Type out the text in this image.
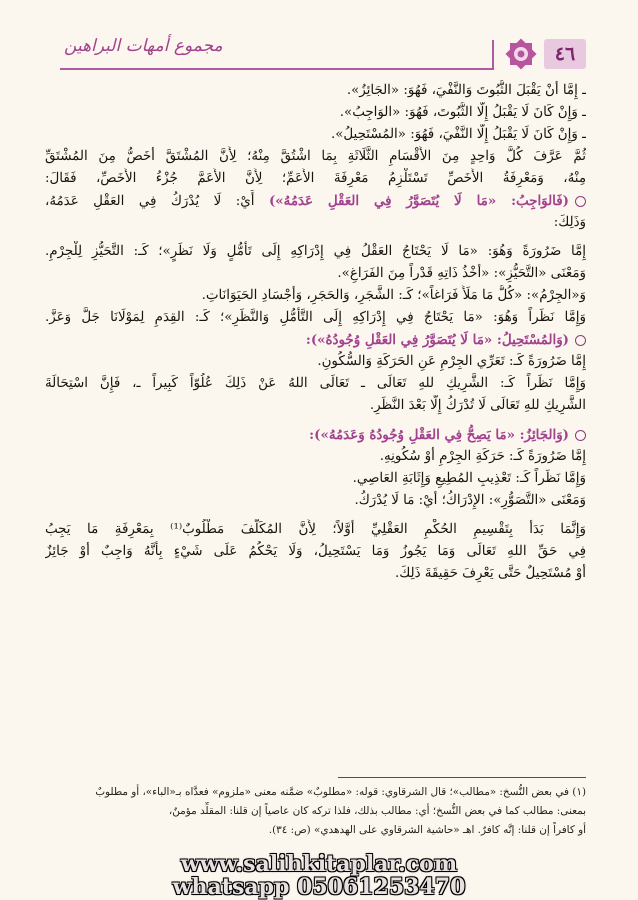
مجموع أمهات البراهين	٤٦

ـ إِمَّا أَنْ يَقْبَلَ الثُّبُوتَ وَالنَّفْيَ، فَهُوَ: «الجَائِزُ».

ـ وَإِنْ كَانَ لَا يَقْبَلُ إِلَّا الثُّبُوتَ، فَهُوَ: «الوَاجِبُ».

ـ وَإِنْ كَانَ لَا يَقْبَلُ إِلَّا النَّفْيَ، فَهُوَ: «المُسْتَحِيلُ».

ثُمَّ عَرَّفَ كُلَّ وَاحِدٍ مِنَ الأَقْسَامِ الثَّلَاثَةِ بِمَا اشْتُقَّ مِنْهُ؛ لِأَنَّ المُشْتَقَّ أَخَصُّ مِنَ المُشْتَقِّ

مِنْهُ، وَمَعْرِفَةُ الأَخَصِّ تَسْتَلْزِمُ مَعْرِفَةَ الأَعَمِّ؛ لِأَنَّ الأَعَمَّ جُزْءُ الأَخَصِّ، فَقَالَ:

(فَالوَاجِبُ: «مَا لَا يُتَصَوَّرُ فِي العَقْلِ عَدَمُهُ») أَيْ: لَا يُدْرَكُ فِي العَقْلِ عَدَمُهُ،

وَذَلِكَ:

إِمَّا ضَرُورَةً وَهُوَ: «مَا لَا يَحْتَاجُ العَقْلُ فِي إِدْرَاكِهِ إِلَى تَأَمُّلٍ وَلَا نَظَرٍ»؛ كَـ: التَّحَيُّزِ لِلْجِرْمِ.

وَمَعْنَى «التَّحَيُّزِ»: «أَخْذُ ذَاتِهِ قَدْراً مِنَ الفَرَاغِ».

وَ«الجِرْمُ»: «كُلُّ مَا مَلَأَ فَرَاغاً»؛ كَـ: الشَّجَرِ، وَالحَجَرِ، وَأَجْسَادِ الحَيَوَانَاتِ.

وَإِمَّا نَظَراً وَهُوَ: «مَا يَحْتَاجُ فِي إِدْرَاكِهِ إِلَى التَّأَمُّلِ وَالنَّظَرِ»؛ كَـ: القِدَمِ لِمَوْلَانَا جَلَّ وَعَزَّ.

(وَالمُسْتَحِيلُ: «مَا لَا يُتَصَوَّرُ فِي العَقْلِ وُجُودُهُ»):

إِمَّا ضَرُورَةً كَـ: تَعَرِّي الجِرْمِ عَنِ الحَرَكَةِ وَالسُّكُونِ.

وَإِمَّا نَظَراً كَـ: الشَّرِيكِ للهِ تَعَالَى ـ تَعَالَى اللهُ عَنْ ذَلِكَ عُلُوّاً كَبِيراً ـ، فَإِنَّ اسْتِحَالَةَ

الشَّرِيكِ للهِ تَعَالَى لَا تُدْرَكُ إِلَّا بَعْدَ النَّظَرِ.

(وَالجَائِزُ: «مَا يَصِحُّ فِي العَقْلِ وُجُودُهُ وَعَدَمُهُ»):

إِمَّا ضَرُورَةً كَـ: حَرَكَةِ الجِرْمِ أَوْ سُكُونِهِ.

وَإِمَّا نَظَراً كَـ: تَعْذِيبِ المُطِيعِ وَإِثَابَةِ العَاصِي.

وَمَعْنَى «التَّصَوُّرِ»: الإِدْرَاكُ؛ أَيْ: مَا لَا يُدْرَكُ.

وَإِنَّمَا بَدَأَ بِتَقْسِيمِ الحُكْمِ العَقْلِيِّ أَوَّلاً؛ لِأَنَّ المُكَلَّفَ مَطْلُوبٌ⁽¹⁾ بِمَعْرِفَةِ مَا يَجِبُ

فِي حَقِّ اللهِ تَعَالَى وَمَا يَجُوزُ وَمَا يَسْتَحِيلُ، وَلَا يَحْكُمُ عَلَى شَيْءٍ بِأَنَّهُ وَاجِبٌ أَوْ جَائِزٌ

أَوْ مُسْتَحِيلٌ حَتَّى يَعْرِفَ حَقِيقَةَ ذَلِكَ.

(١) في بعض النُّسخ: «مطالب»؛ قال الشرقاوي: قوله: «مطلوبٌ» ضمَّنه معنى «ملزوم» فعدَّاه بـ«الباء»، أو مطلوبٌ
بمعنى: مطالب كما في بعض النُّسخ؛ أي: مطالب بذلك، فلذا تركه كان عاصياً إن قلنا: المقلِّد مؤمنٌ،
أو كافراً إن قلنا: إنَّه كافرٌ. اهـ «حاشية الشرقاوي على الهدهدي» (ص: ٣٤).
www.salihkitaplar.com
whatsapp 05061253470
